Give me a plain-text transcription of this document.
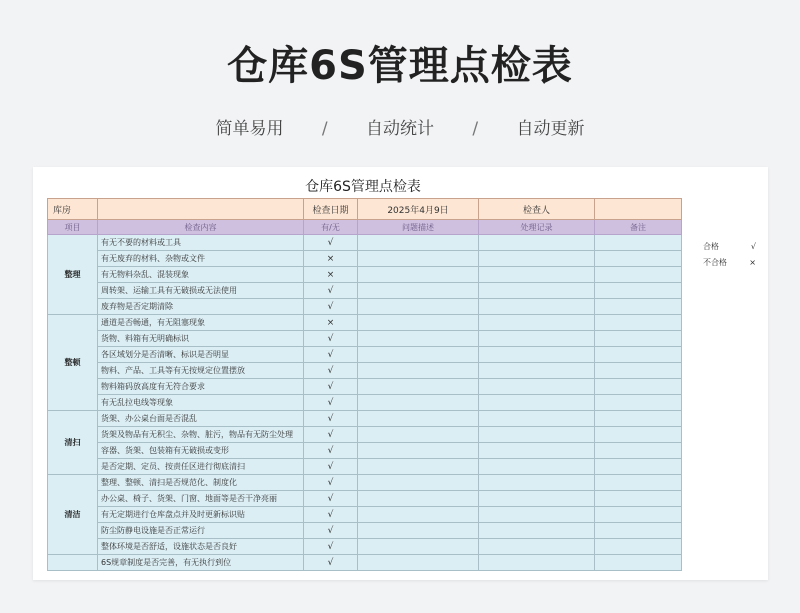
仓库6S管理点检表
简单易用 / 自动统计 / 自动更新
仓库6S管理点检表
库房		检查日期	2025年4月9日	检查人	
项目	检查内容	有/无	问题描述	处理记录	备注
整理	有无不要的材料或工具	√			
	有无废弃的材料、杂物或文件	×			
	有无物料杂乱、混装现象	×			
	周转架、运输工具有无破损或无法使用	√			
	废弃物是否定期清除	√			
整顿	通道是否畅通，有无阻塞现象	×			
	货物、料箱有无明确标识	√			
	各区域划分是否清晰、标识是否明显	√			
	物料、产品、工具等有无按规定位置摆放	√			
	物料箱码放高度有无符合要求	√			
	有无乱拉电线等现象	√			
清扫	货架、办公桌台面是否混乱	√			
	货架及物品有无积尘、杂物、脏污，物品有无防尘处理	√			
	容器、货架、包装箱有无破损或变形	√			
	是否定期、定员、按责任区进行彻底清扫	√			
清洁	整理、整顿、清扫是否规范化、制度化	√			
	办公桌、椅子、货架、门窗、地面等是否干净亮丽	√			
	有无定期进行仓库盘点并及时更新标识贴	√			
	防尘防静电设施是否正常运行	√			
	整体环境是否舒适，设施状态是否良好	√			
	6S规章制度是否完善，有无执行到位	√			
合格	√
不合格	×
